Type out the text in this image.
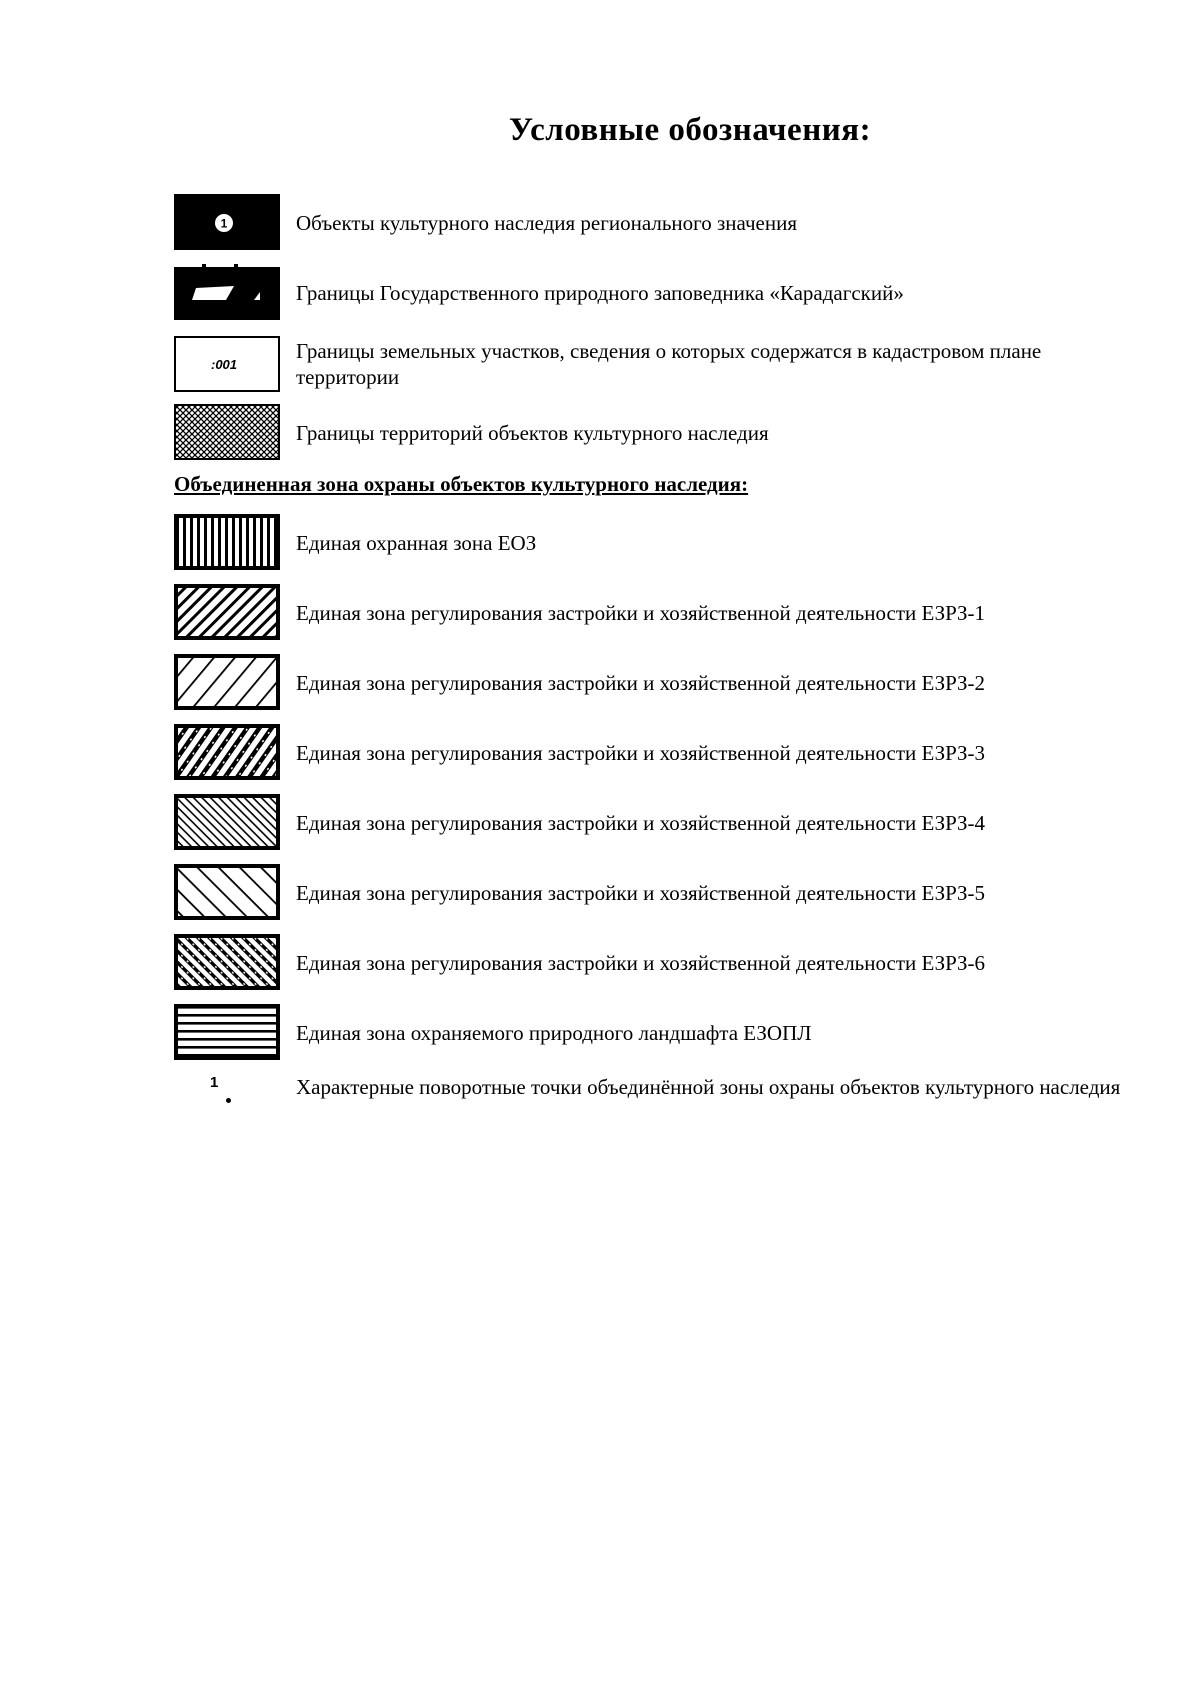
Условные обозначения:
1	Объекты культурного наследия регионального значения
Границы Государственного природного заповедника «Карадагский»
:001
Границы земельных участков, сведения о которых содержатся в кадастровом плане территории
Границы территорий объектов культурного наследия
Объединенная зона охраны объектов культурного наследия:
Единая охранная зона ЕОЗ
Единая зона регулирования застройки и хозяйственной деятельности ЕЗРЗ-1
Единая зона регулирования застройки и хозяйственной деятельности ЕЗРЗ-2
Единая зона регулирования застройки и хозяйственной деятельности ЕЗРЗ-3
Единая зона регулирования застройки и хозяйственной деятельности ЕЗРЗ-4
Единая зона регулирования застройки и хозяйственной деятельности ЕЗРЗ-5
Единая зона регулирования застройки и хозяйственной деятельности ЕЗРЗ-6
Единая зона охраняемого природного ландшафта ЕЗОПЛ
1	Характерные поворотные точки объединённой зоны охраны объектов культурного наследия
